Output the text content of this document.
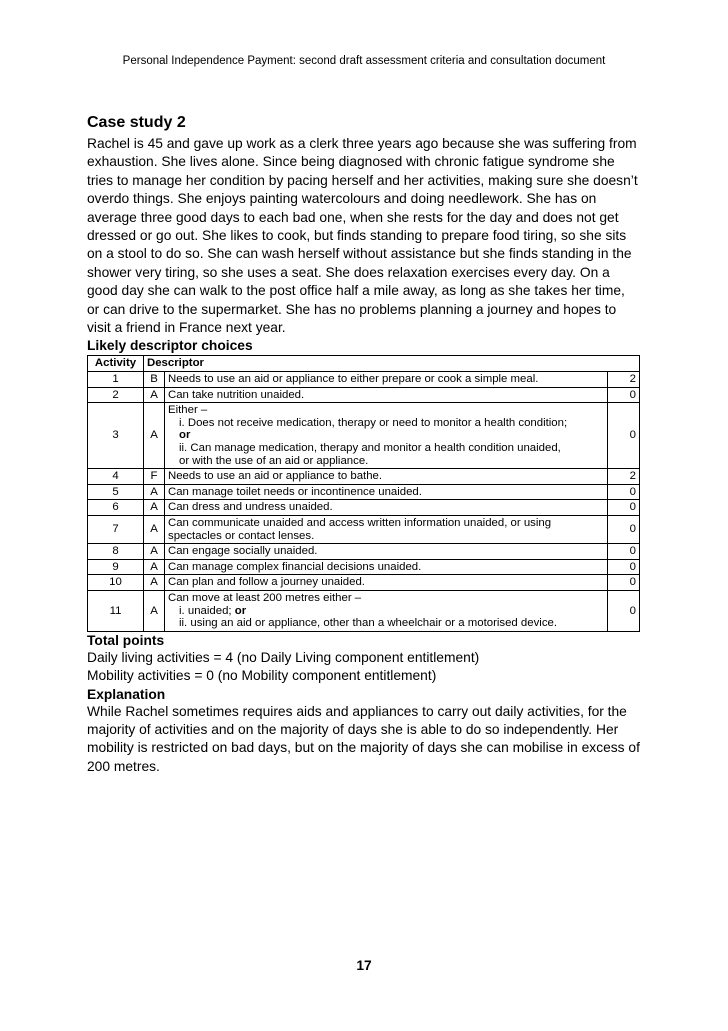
Personal Independence Payment: second draft assessment criteria and consultation document
Case study 2

Rachel is 45 and gave up work as a clerk three years ago because she was suffering from exhaustion. She lives alone. Since being diagnosed with chronic fatigue syndrome she tries to manage her condition by pacing herself and her activities, making sure she doesn’t overdo things. She enjoys painting watercolours and doing needlework. She has on average three good days to each bad one, when she rests for the day and does not get dressed or go out. She likes to cook, but finds standing to prepare food tiring, so she sits on a stool to do so. She can wash herself without assistance but she finds standing in the shower very tiring, so she uses a seat. She does relaxation exercises every day. On a good day she can walk to the post office half a mile away, as long as she takes her time, or can drive to the supermarket. She has no problems planning a journey and hopes to visit a friend in France next year.

Likely descriptor choices
Activity	Descriptor		
1	B	Needs to use an aid or appliance to either prepare or cook a simple meal.	2
2	A	Can take nutrition unaided.	0
3	A	Either –
i. Does not receive medication, therapy or need to monitor a health condition;
or
ii. Can manage medication, therapy and monitor a health condition unaided,
or with the use of an aid or appliance.	0
4	F	Needs to use an aid or appliance to bathe.	2
5	A	Can manage toilet needs or incontinence unaided.	0
6	A	Can dress and undress unaided.	0
7	A	Can communicate unaided and access written information unaided, or using spectacles or contact lenses.	0
8	A	Can engage socially unaided.	0
9	A	Can manage complex financial decisions unaided.	0
10	A	Can plan and follow a journey unaided.	0
11	A	Can move at least 200 metres either –
i. unaided; or
ii. using an aid or appliance, other than a wheelchair or a motorised device.	0
Total points

Daily living activities = 4 (no Daily Living component entitlement)

Mobility activities = 0 (no Mobility component entitlement)

Explanation

While Rachel sometimes requires aids and appliances to carry out daily activities, for the majority of activities and on the majority of days she is able to do so independently. Her mobility is restricted on bad days, but on the majority of days she can mobilise in excess of 200 metres.

17
